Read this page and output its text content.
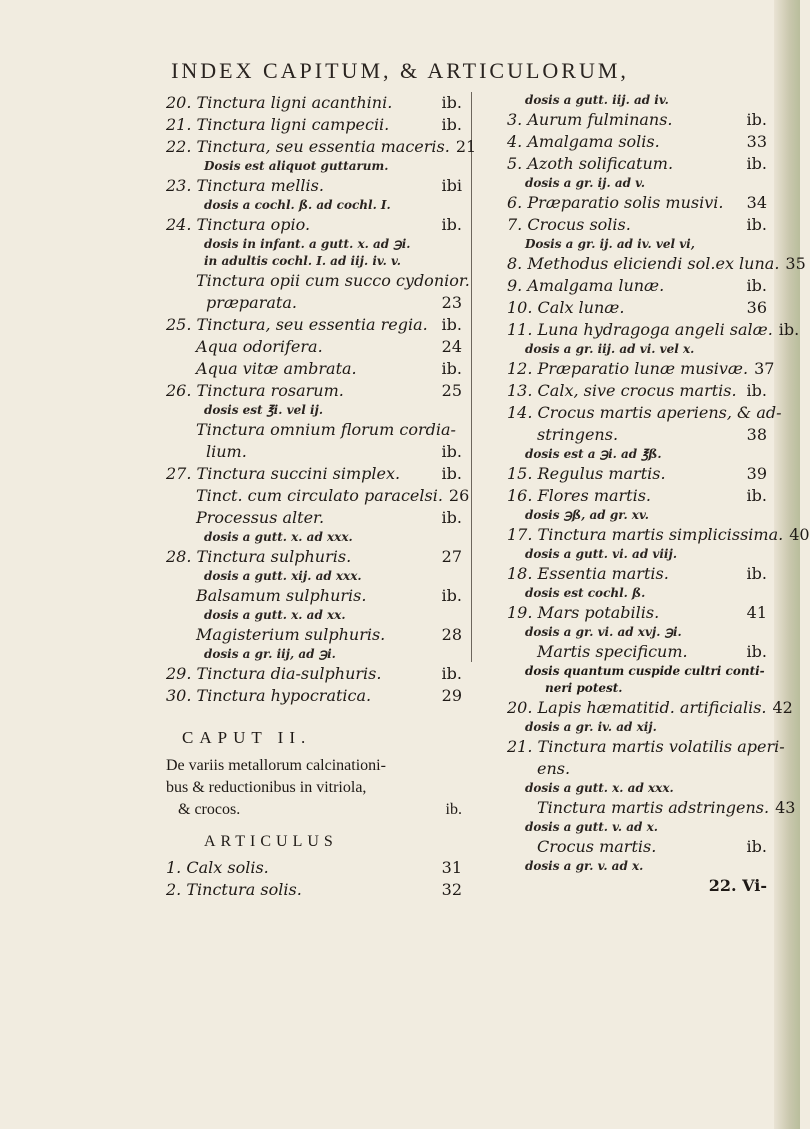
INDEX CAPITUM, & ARTICULORUM,
20. Tinctura ligni acanthini.	ib.
21. Tinctura ligni campecii.	ib.
22. Tinctura, seu essentia maceris. 21
Dosis est aliquot guttarum.
23. Tinctura mellis.	ibi
dosis a cochl. ß. ad cochl. I.
24. Tinctura opio.	ib.
dosis in infant. a gutt. x. ad ℈i.
in adultis cochl. I. ad iij. iv. v.
Tinctura opii cum succo cydonior.
præparata.	23
25. Tinctura, seu essentia regia. ib.
Aqua odorifera.	24
Aqua vitæ ambrata.	ib.
26. Tinctura rosarum.	25
dosis est ℥i. vel ij.
Tinctura omnium florum cordia-
lium.	ib.
27. Tinctura succini simplex.	ib.
Tinct. cum circulato paracelsi. 26
Processus alter.	ib.
dosis a gutt. x. ad xxx.
28. Tinctura sulphuris.	27
dosis a gutt. xij. ad xxx.
Balsamum sulphuris.	ib.
dosis a gutt. x. ad xx.
Magisterium sulphuris.	28
dosis a gr. iij, ad ℈i.
29. Tinctura dia-sulphuris.	ib.
30. Tinctura hypocratica.	29
CAPUT II.
De variis metallorum calcinationi-
bus & reductionibus in vitriola,
& crocos.	ib.
ARTICULUS
1. Calx solis.	31
2. Tinctura solis.	32
dosis a gutt. iij. ad iv.
3. Aurum fulminans.	ib.
4. Amalgama solis.	33
5. Azoth solificatum.	ib.
dosis a gr. ij. ad v.
6. Præparatio solis musivi. 34
7. Crocus solis.	ib.
Dosis a gr. ij. ad iv. vel vi,
8. Methodus eliciendi sol.ex luna. 35
9. Amalgama lunæ.	ib.
10. Calx lunæ.	36
11. Luna hydragoga angeli salæ. ib.
dosis a gr. iij. ad vi. vel x.
12. Præparatio lunæ musivæ. 37
13. Calx, sive crocus martis. ib.
14. Crocus martis aperiens, & ad-
stringens.	38
dosis est a ℈i. ad ℥ß.
15. Regulus martis.	39
16. Flores martis.	ib.
dosis ℈ß, ad gr. xv.
17. Tinctura martis simplicissima. 40
dosis a gutt. vi. ad viij.
18. Essentia martis.	ib.
dosis est cochl. ß.
19. Mars potabilis.	41
dosis a gr. vi. ad xvj. ℈i.
Martis specificum.	ib.
dosis quantum cuspide cultri conti-
neri potest.
20. Lapis hæmatitid. artificialis. 42
dosis a gr. iv. ad xij.
21. Tinctura martis volatilis aperi-
ens.
dosis a gutt. x. ad xxx.
Tinctura martis adstringens. 43
dosis a gutt. v. ad x.
Crocus martis.	ib.
dosis a gr. v. ad x.
22. Vi-
